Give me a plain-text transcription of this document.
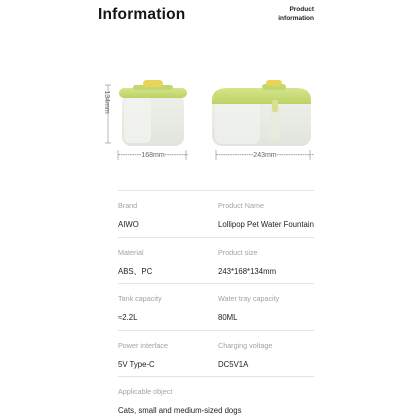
Information	Product
information
----------168mm----------	----------------243mm----------------
134mm
Brand
AIWO
Product Name
Lollipop Pet Water Fountain
Material
ABS、PC
Product size
243*168*134mm
Tank capacity
≈2.2L
Water tray capacity
80ML
Power interface
5V Type-C
Charging voltage
DC5V1A
Applicable object
Cats, small and medium-sized dogs
